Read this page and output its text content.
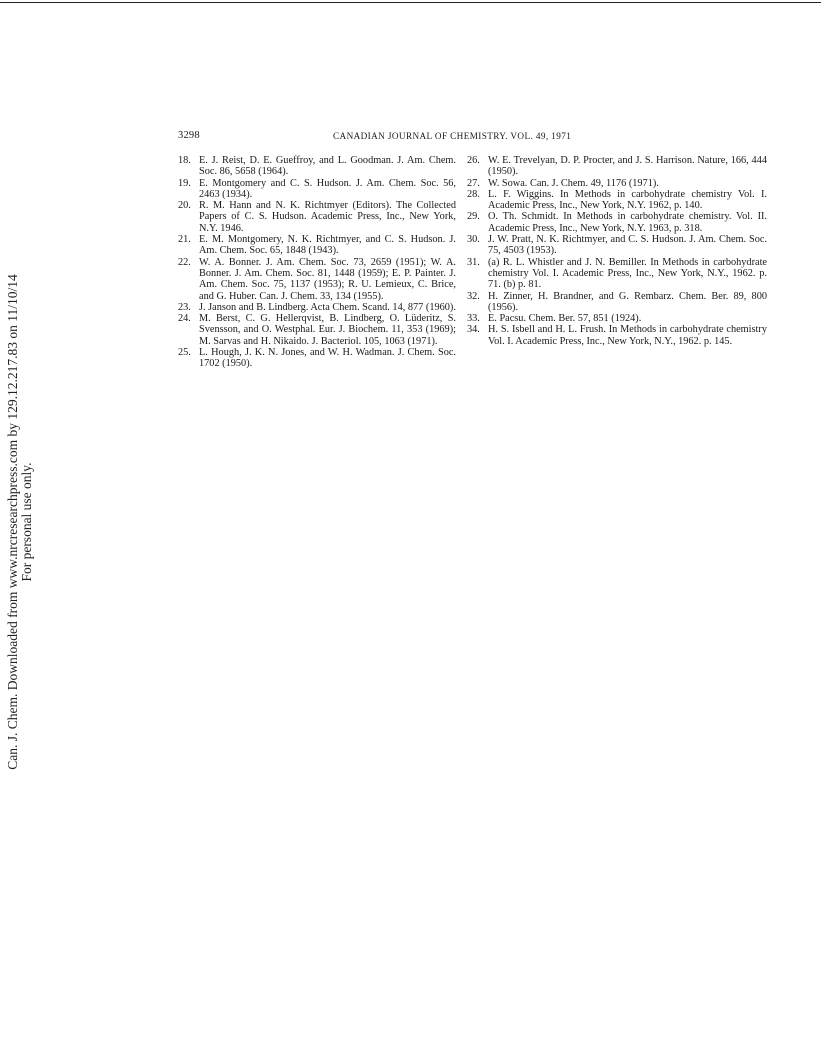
Can. J. Chem. Downloaded from www.nrcresearchpress.com by 129.12.217.83 on 11/10/14 For personal use only.
3298	CANADIAN JOURNAL OF CHEMISTRY. VOL. 49, 1971
18. E. J. Reist, D. E. Gueffroy, and L. Goodman. J. Am. Chem. Soc. 86, 5658 (1964).
19. E. Montgomery and C. S. Hudson. J. Am. Chem. Soc. 56, 2463 (1934).
20. R. M. Hann and N. K. Richtmyer (Editors). The Collected Papers of C. S. Hudson. Academic Press, Inc., New York, N.Y. 1946.
21. E. M. Montgomery, N. K. Richtmyer, and C. S. Hudson. J. Am. Chem. Soc. 65, 1848 (1943).
22. W. A. Bonner. J. Am. Chem. Soc. 73, 2659 (1951); W. A. Bonner. J. Am. Chem. Soc. 81, 1448 (1959); E. P. Painter. J. Am. Chem. Soc. 75, 1137 (1953); R. U. Lemieux, C. Brice, and G. Huber. Can. J. Chem. 33, 134 (1955).
23. J. Janson and B. Lindberg. Acta Chem. Scand. 14, 877 (1960).
24. M. Berst, C. G. Hellerqvist, B. Lindberg, O. Lüderitz, S. Svensson, and O. Westphal. Eur. J. Biochem. 11, 353 (1969); M. Sarvas and H. Nikaido. J. Bacteriol. 105, 1063 (1971).
25. L. Hough, J. K. N. Jones, and W. H. Wadman. J. Chem. Soc. 1702 (1950).
26. W. E. Trevelyan, D. P. Procter, and J. S. Harrison. Nature, 166, 444 (1950).
27. W. Sowa. Can. J. Chem. 49, 1176 (1971).
28. L. F. Wiggins. In Methods in carbohydrate chemistry Vol. I. Academic Press, Inc., New York, N.Y. 1962, p. 140.
29. O. Th. Schmidt. In Methods in carbohydrate chemistry. Vol. II. Academic Press, Inc., New York, N.Y. 1963, p. 318.
30. J. W. Pratt, N. K. Richtmyer, and C. S. Hudson. J. Am. Chem. Soc. 75, 4503 (1953).
31. (a) R. L. Whistler and J. N. Bemiller. In Methods in carbohydrate chemistry Vol. I. Academic Press, Inc., New York, N.Y., 1962. p. 71. (b) p. 81.
32. H. Zinner, H. Brandner, and G. Rembarz. Chem. Ber. 89, 800 (1956).
33. E. Pacsu. Chem. Ber. 57, 851 (1924).
34. H. S. Isbell and H. L. Frush. In Methods in carbohydrate chemistry Vol. I. Academic Press, Inc., New York, N.Y., 1962. p. 145.
